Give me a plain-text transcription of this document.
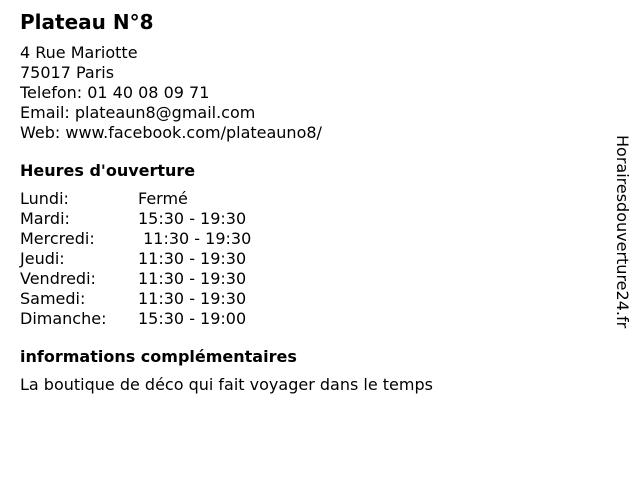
Plateau N°8
4 Rue Mariotte
75017 Paris
Telefon: 01 40 08 09 71
Email: plateaun8@gmail.com
Web: www.facebook.com/plateauno8/
Heures d'ouverture
Lundi:	Fermé
Mardi:	15:30 - 19:30
Mercredi:	11:30 - 19:30
Jeudi:	11:30 - 19:30
Vendredi:	11:30 - 19:30
Samedi:	11:30 - 19:30
Dimanche:	15:30 - 19:00
informations complémentaires

La boutique de déco qui fait voyager dans le temps

Horairesdouverture24.fr
